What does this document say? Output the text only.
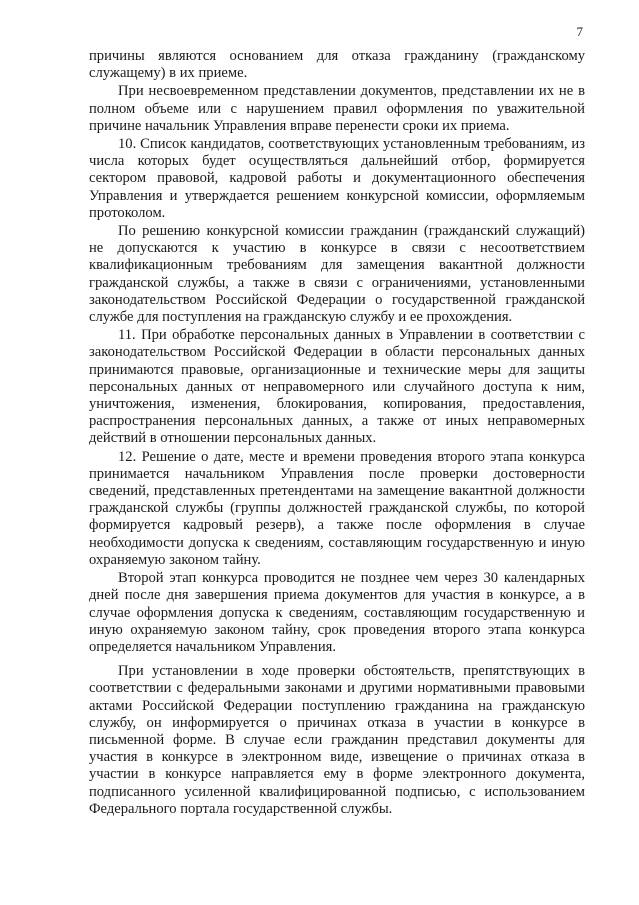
7

причины являются основанием для отказа гражданину (гражданскому служащему) в их приеме.

При несвоевременном представлении документов, представлении их не в полном объеме или с нарушением правил оформления по уважительной причине начальник Управления вправе перенести сроки их приема.

10. Список кандидатов, соответствующих установленным требованиям, из числа которых будет осуществляться дальнейший отбор, формируется сектором правовой, кадровой работы и документационного обеспечения Управления и утверждается решением конкурсной комиссии, оформляемым протоколом.

По решению конкурсной комиссии гражданин (гражданский служащий) не допускаются к участию в конкурсе в связи с несоответствием квалификационным требованиям для замещения вакантной должности гражданской службы, а также в связи с ограничениями, установленными законодательством Российской Федерации о государственной гражданской службе для поступления на гражданскую службу и ее прохождения.

11. При обработке персональных данных в Управлении в соответствии с законодательством Российской Федерации в области персональных данных принимаются правовые, организационные и технические меры для защиты персональных данных от неправомерного или случайного доступа к ним, уничтожения, изменения, блокирования, копирования, предоставления, распространения персональных данных, а также от иных неправомерных действий в отношении персональных данных.

12. Решение о дате, месте и времени проведения второго этапа конкурса принимается начальником Управления после проверки достоверности сведений, представленных претендентами на замещение вакантной должности гражданской службы (группы должностей гражданской службы, по которой формируется кадровый резерв), а также после оформления в случае необходимости допуска к сведениям, составляющим государственную и иную охраняемую законом тайну.

Второй этап конкурса проводится не позднее чем через 30 календарных дней после дня завершения приема документов для участия в конкурсе, а в случае оформления допуска к сведениям, составляющим государственную и иную охраняемую законом тайну, срок проведения второго этапа конкурса определяется начальником Управления.

При установлении в ходе проверки обстоятельств, препятствующих в соответствии с федеральными законами и другими нормативными правовыми актами Российской Федерации поступлению гражданина на гражданскую службу, он информируется о причинах отказа в участии в конкурсе в письменной форме. В случае если гражданин представил документы для участия в конкурсе в электронном виде, извещение о причинах отказа в участии в конкурсе направляется ему в форме электронного документа, подписанного усиленной квалифицированной подписью, с использованием Федерального портала государственной службы.
